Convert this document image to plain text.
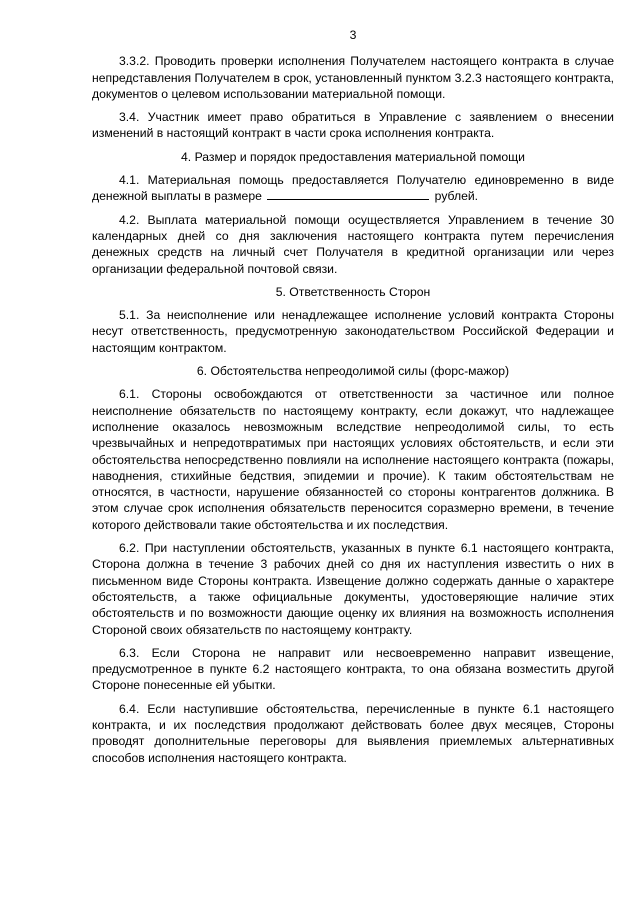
3

3.3.2. Проводить проверки исполнения Получателем настоящего контракта в случае непредставления Получателем в срок, установленный пунктом 3.2.3 настоящего контракта, документов о целевом использовании материальной помощи.

3.4. Участник имеет право обратиться в Управление с заявлением о внесении изменений в настоящий контракт в части срока исполнения контракта.

4. Размер и порядок предоставления материальной помощи

4.1. Материальная помощь предоставляется Получателю единовременно в виде денежной выплаты в размере	рублей.

4.2. Выплата материальной помощи осуществляется Управлением в течение 30 календарных дней со дня заключения настоящего контракта путем перечисления денежных средств на личный счет Получателя в кредитной организации или через организации федеральной почтовой связи.

5. Ответственность Сторон

5.1. За неисполнение или ненадлежащее исполнение условий контракта Стороны несут ответственность, предусмотренную законодательством Российской Федерации и настоящим контрактом.

6. Обстоятельства непреодолимой силы (форс-мажор)

6.1. Стороны освобождаются от ответственности за частичное или полное неисполнение обязательств по настоящему контракту, если докажут, что надлежащее исполнение оказалось невозможным вследствие непреодолимой силы, то есть чрезвычайных и непредотвратимых при настоящих условиях обстоятельств, и если эти обстоятельства непосредственно повлияли на исполнение настоящего контракта (пожары, наводнения, стихийные бедствия, эпидемии и прочие). К таким обстоятельствам не относятся, в частности, нарушение обязанностей со стороны контрагентов должника. В этом случае срок исполнения обязательств переносится соразмерно времени, в течение которого действовали такие обстоятельства и их последствия.

6.2. При наступлении обстоятельств, указанных в пункте 6.1 настоящего контракта, Сторона должна в течение 3 рабочих дней со дня их наступления известить о них в письменном виде Стороны контракта. Извещение должно содержать данные о характере обстоятельств, а также официальные документы, удостоверяющие наличие этих обстоятельств и по возможности дающие оценку их влияния на возможность исполнения Стороной своих обязательств по настоящему контракту.

6.3. Если Сторона не направит или несвоевременно направит извещение, предусмотренное в пункте 6.2 настоящего контракта, то она обязана возместить другой Стороне понесенные ей убытки.

6.4. Если наступившие обстоятельства, перечисленные в пункте 6.1 настоящего контракта, и их последствия продолжают действовать более двух месяцев, Стороны проводят дополнительные переговоры для выявления приемлемых альтернативных способов исполнения настоящего контракта.
